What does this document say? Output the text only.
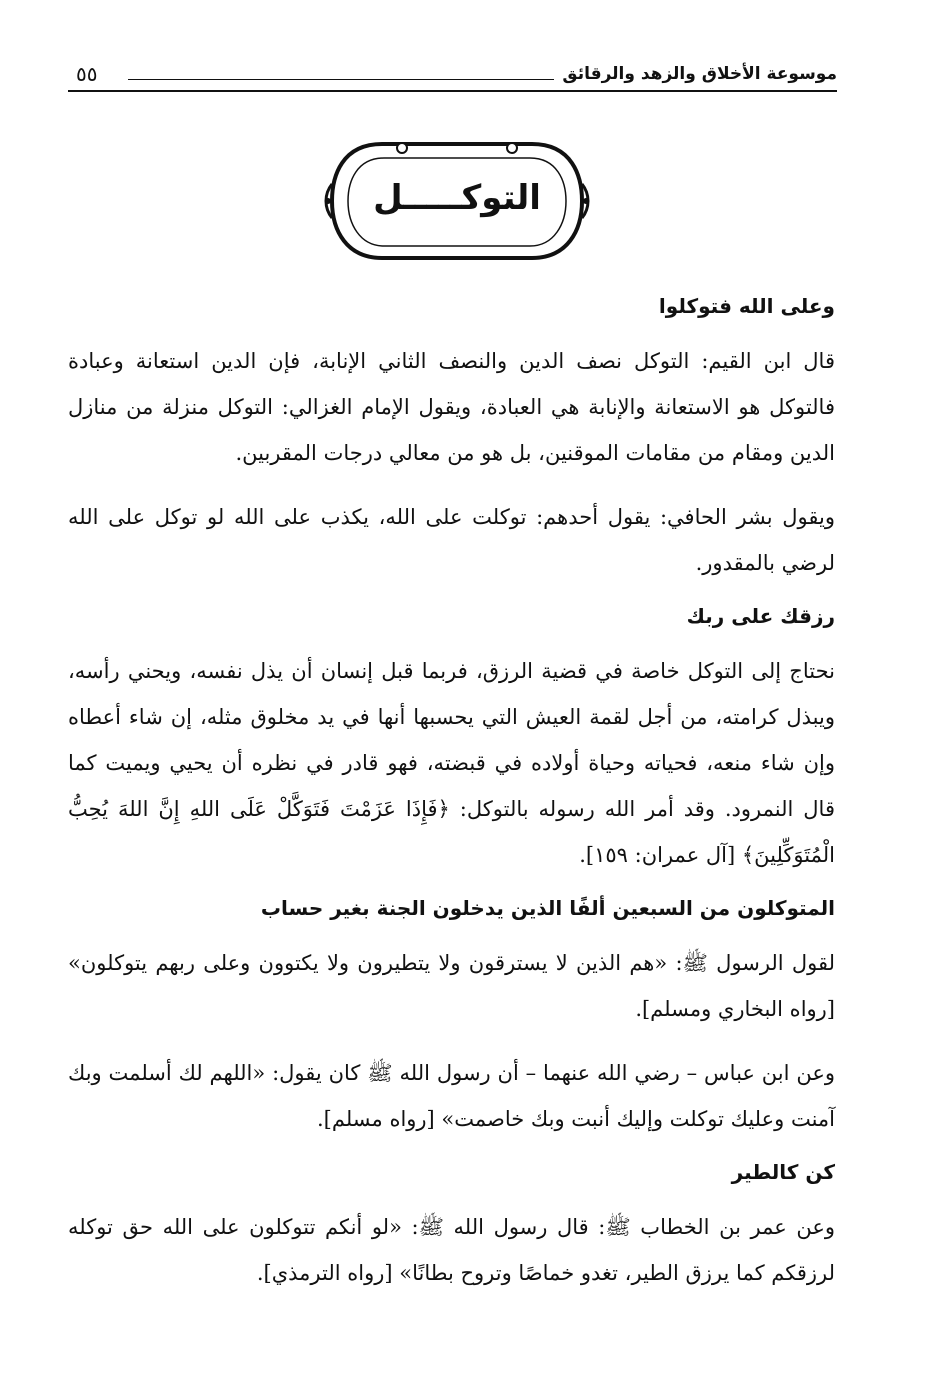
موسوعة الأخلاق والزهد والرقائق
٥٥
التوكـــــل
وعلى الله فتوكلوا

قال ابن القيم: التوكل نصف الدين والنصف الثاني الإنابة، فإن الدين استعانة وعبادة فالتوكل هو الاستعانة والإنابة هي العبادة، ويقول الإمام الغزالي: التوكل منزلة من منازل الدين ومقام من مقامات الموقنين، بل هو من معالي درجات المقربين.

ويقول بشر الحافي: يقول أحدهم: توكلت على الله، يكذب على الله لو توكل على الله لرضي بالمقدور.

رزقك على ربك

نحتاج إلى التوكل خاصة في قضية الرزق، فربما قبل إنسان أن يذل نفسه، ويحني رأسه، ويبذل كرامته، من أجل لقمة العيش التي يحسبها أنها في يد مخلوق مثله، إن شاء أعطاه وإن شاء منعه، فحياته وحياة أولاده في قبضته، فهو قادر في نظره أن يحيي ويميت كما قال النمرود. وقد أمر الله رسوله بالتوكل: ﴿فَإِذَا عَزَمْتَ فَتَوَكَّلْ عَلَى اللهِ إِنَّ اللهَ يُحِبُّ الْمُتَوَكِّلِينَ﴾ [آل عمران: ١٥٩].

المتوكلون من السبعين ألفًا الذين يدخلون الجنة بغير حساب

لقول الرسول ﷺ: «هم الذين لا يسترقون ولا يتطيرون ولا يكتوون وعلى ربهم يتوكلون» [رواه البخاري ومسلم].

وعن ابن عباس – رضي الله عنهما – أن رسول الله ﷺ كان يقول: «اللهم لك أسلمت وبك آمنت وعليك توكلت وإليك أنبت وبك خاصمت» [رواه مسلم].

كن كالطير

وعن عمر بن الخطاب ﷺ: قال رسول الله ﷺ: «لو أنكم تتوكلون على الله حق توكله لرزقكم كما يرزق الطير، تغدو خماصًا وتروح بطانًا» [رواه الترمذي].
